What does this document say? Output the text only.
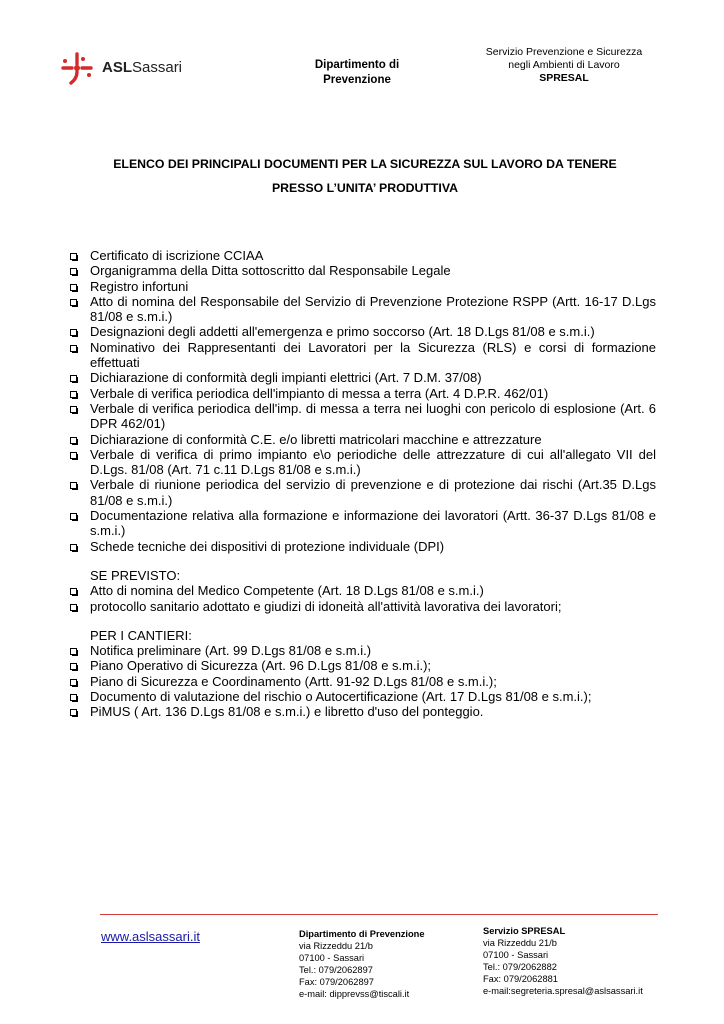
ASLSassari	Dipartimento di
Prevenzione
Servizio Prevenzione e Sicurezza
negli Ambienti di Lavoro
SPRESAL
ELENCO DEI PRINCIPALI DOCUMENTI PER LA SICUREZZA SUL LAVORO DA TENERE
PRESSO L’UNITA’ PRODUTTIVA
Certificato di iscrizione CCIAA
Organigramma della Ditta sottoscritto dal Responsabile Legale
Registro infortuni
Atto di nomina del Responsabile del Servizio di Prevenzione Protezione RSPP (Artt. 16-17 D.Lgs 81/08 e s.m.i.)
Designazioni degli addetti all'emergenza e primo soccorso (Art. 18 D.Lgs 81/08 e s.m.i.)
Nominativo dei Rappresentanti dei Lavoratori per la Sicurezza (RLS) e corsi di formazione effettuati
Dichiarazione di conformità degli impianti elettrici (Art. 7 D.M. 37/08)
Verbale di verifica periodica dell'impianto di messa a terra (Art. 4 D.P.R. 462/01)
Verbale di verifica periodica dell'imp. di messa a terra nei luoghi con pericolo di esplosione (Art. 6 DPR 462/01)
Dichiarazione di conformità C.E. e/o libretti matricolari macchine e attrezzature
Verbale di verifica di primo impianto e\o periodiche delle attrezzature di cui all'allegato VII del D.Lgs. 81/08 (Art. 71 c.11 D.Lgs 81/08 e s.m.i.)
Verbale di riunione periodica del servizio di prevenzione e di protezione dai rischi (Art.35 D.Lgs 81/08 e s.m.i.)
Documentazione relativa alla formazione e informazione dei lavoratori (Artt. 36-37 D.Lgs 81/08 e s.m.i.)
Schede tecniche dei dispositivi di protezione individuale (DPI)
SE PREVISTO:
Atto di nomina del Medico Competente (Art. 18 D.Lgs 81/08 e s.m.i.)
protocollo sanitario adottato e giudizi di idoneità all'attività lavorativa dei lavoratori;
PER I CANTIERI:
Notifica preliminare (Art. 99 D.Lgs 81/08 e s.m.i.)
Piano Operativo di Sicurezza (Art. 96 D.Lgs 81/08 e s.m.i.);
Piano di Sicurezza e Coordinamento (Artt. 91-92 D.Lgs 81/08 e s.m.i.);
Documento di valutazione del rischio o Autocertificazione (Art. 17 D.Lgs 81/08 e s.m.i.);
PiMUS ( Art. 136 D.Lgs 81/08 e s.m.i.) e libretto d'uso del ponteggio.
www.aslsassari.it	Dipartimento di Prevenzione
via Rizzeddu 21/b
07100 - Sassari
Tel.: 079/2062897
Fax: 079/2062897
e-mail: dipprevss@tiscali.it
Servizio SPRESAL
via Rizzeddu 21/b
07100 - Sassari
Tel.: 079/2062882
Fax: 079/2062881
e-mail:segreteria.spresal@aslsassari.it
